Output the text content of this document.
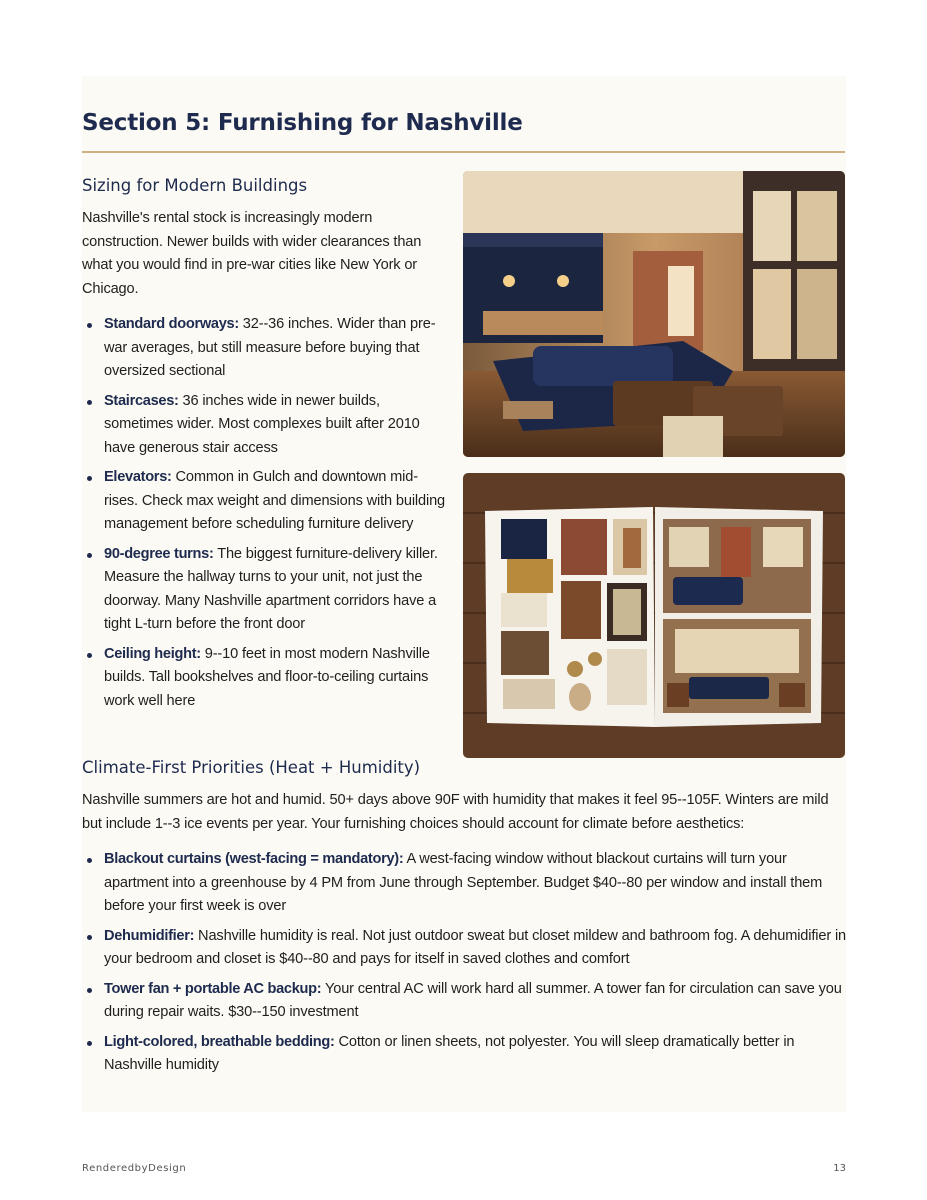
Section 5: Furnishing for Nashville
Sizing for Modern Buildings

Nashville's rental stock is increasingly modern construction. Newer builds with wider clearances than what you would find in pre-war cities like New York or Chicago.

Standard doorways: 32--36 inches. Wider than pre-war averages, but still measure before buying that oversized sectional
Staircases: 36 inches wide in newer builds, sometimes wider. Most complexes built after 2010 have generous stair access
Elevators: Common in Gulch and downtown mid-rises. Check max weight and dimensions with building management before scheduling furniture delivery
90-degree turns: The biggest furniture-delivery killer. Measure the hallway turns to your unit, not just the doorway. Many Nashville apartment corridors have a tight L-turn before the front door
Ceiling height: 9--10 feet in most modern Nashville builds. Tall bookshelves and floor-to-ceiling curtains work well here
Climate-First Priorities (Heat + Humidity)

Nashville summers are hot and humid. 50+ days above 90F with humidity that makes it feel 95--105F. Winters are mild but include 1--3 ice events per year. Your furnishing choices should account for climate before aesthetics:

Blackout curtains (west-facing = mandatory): A west-facing window without blackout curtains will turn your apartment into a greenhouse by 4 PM from June through September. Budget $40--80 per window and install them before your first week is over
Dehumidifier: Nashville humidity is real. Not just outdoor sweat but closet mildew and bathroom fog. A dehumidifier in your bedroom and closet is $40--80 and pays for itself in saved clothes and comfort
Tower fan + portable AC backup: Your central AC will work hard all summer. A tower fan for circulation can save you during repair waits. $30--150 investment
Light-colored, breathable bedding: Cotton or linen sheets, not polyester. You will sleep dramatically better in Nashville humidity
RenderedbyDesign	13
